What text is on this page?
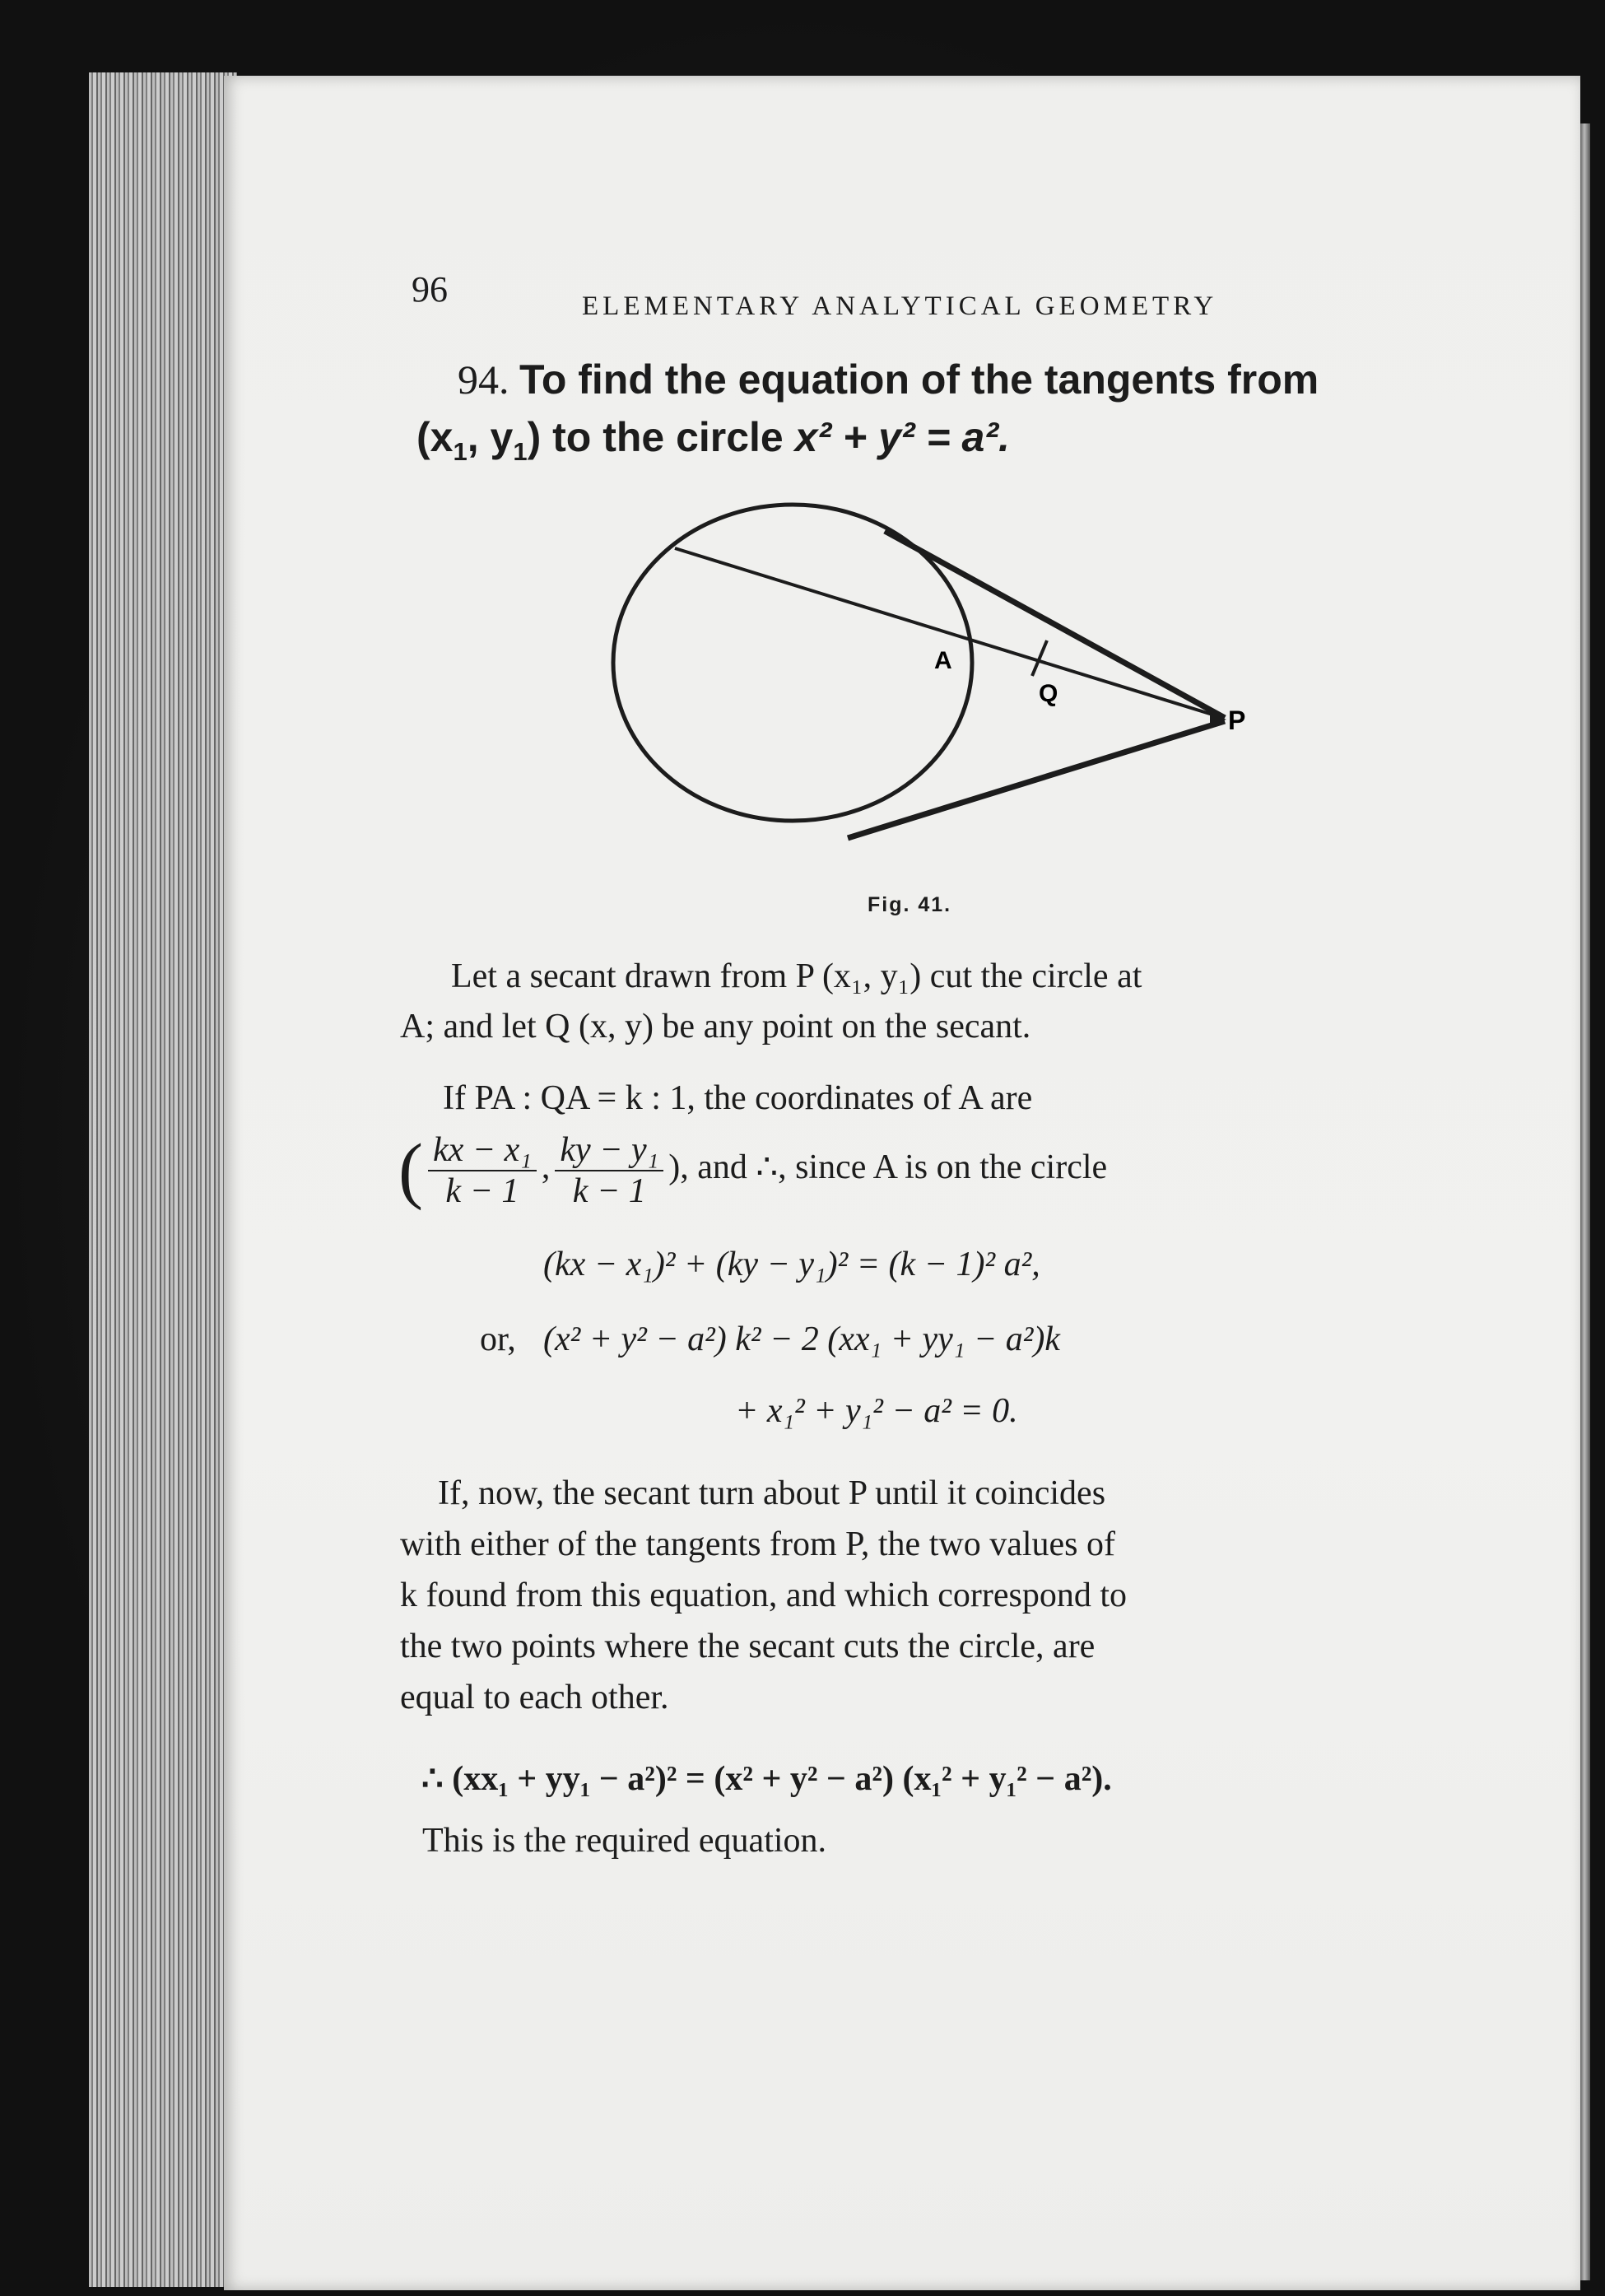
96	ELEMENTARY ANALYTICAL GEOMETRY
94. To find the equation of the tangents from
($x_1$, $y_1$) to the circle x² + y² = a².
A
Q
P
Fig. 41.
Let a secant drawn from P (x₁, y₁) cut the circle at
A; and let Q (x, y) be any point on the secant.
If PA : QA = k : 1, the coordinates of A are
( $\frac{\text{kx − x₁}}{k - 1}$ , $\frac{\text{ky − y₁}}{k - 1}$ ), and ∴, since A is on the circle
(kx − x₁)² + (ky − y₁)² = (k − 1)² a²,
or, (x² + y² − a²) k² − 2 (xx₁ + yy₁ − a²)k
+ x₁² + y₁² − a² = 0.
If, now, the secant turn about P until it coincides
with either of the tangents from P, the two values of
k found from this equation, and which correspond to
the two points where the secant cuts the circle, are
equal to each other.
∴ (xx₁ + yy₁ − a²)² = (x² + y² − a²) (x₁² + y₁² − a²).
This is the required equation.
